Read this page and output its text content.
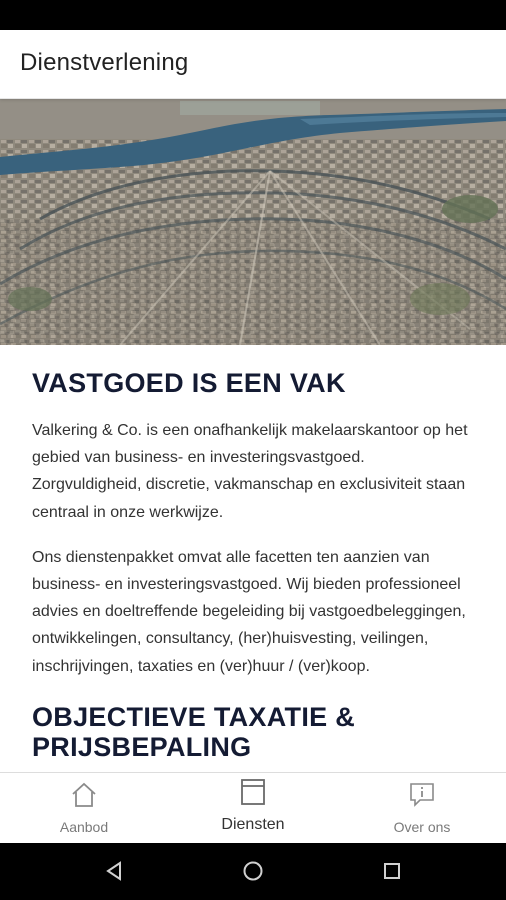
Dienstverlening
VASTGOED IS EEN VAK

Valkering & Co. is een onafhankelijk makelaarskantoor op het gebied van business- en investeringsvastgoed. Zorgvuldigheid, discretie, vakmanschap en exclusiviteit staan centraal in onze werkwijze.

Ons dienstenpakket omvat alle facetten ten aanzien van business- en investeringsvastgoed. Wij bieden professioneel advies en doeltreffende begeleiding bij vastgoedbeleggingen, ontwikkelingen, consultancy, (her)huisvesting, veilingen, inschrijvingen, taxaties en (ver)huur / (ver)koop.

OBJECTIEVE TAXATIE & PRIJSBEPALING
Aanbod	Diensten	Over ons
